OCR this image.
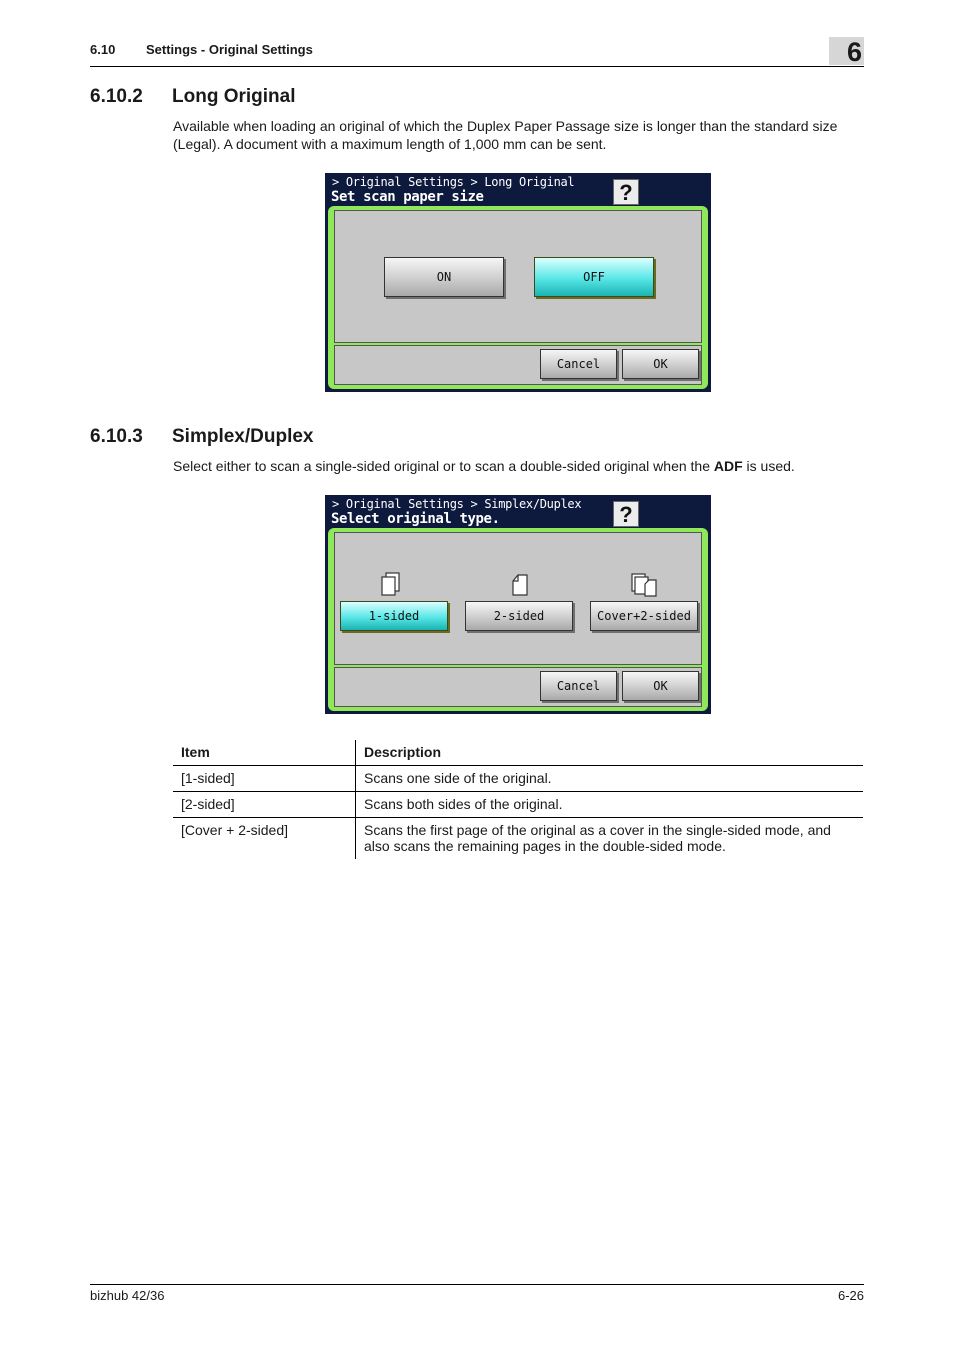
6.10 Settings - Original Settings	6
6.10.2 Long Original
Available when loading an original of which the Duplex Paper Passage size is longer than the standard size (Legal). A document with a maximum length of 1,000 mm can be sent.
> Original Settings > Long Original
Set scan paper size	?
ON	OFF
Cancel	OK
6.10.3 Simplex/Duplex
Select either to scan a single-sided original or to scan a double-sided original when the ADF is used.
> Original Settings > Simplex/Duplex
Select original type.	?
1-sided	2-sided	Cover+2-sided
Cancel	OK
Item	Description
[1-sided]	Scans one side of the original.
[2-sided]	Scans both sides of the original.
[Cover + 2-sided]	Scans the first page of the original as a cover in the single-sided mode, and also scans the remaining pages in the double-sided mode.
bizhub 42/36	6-26
